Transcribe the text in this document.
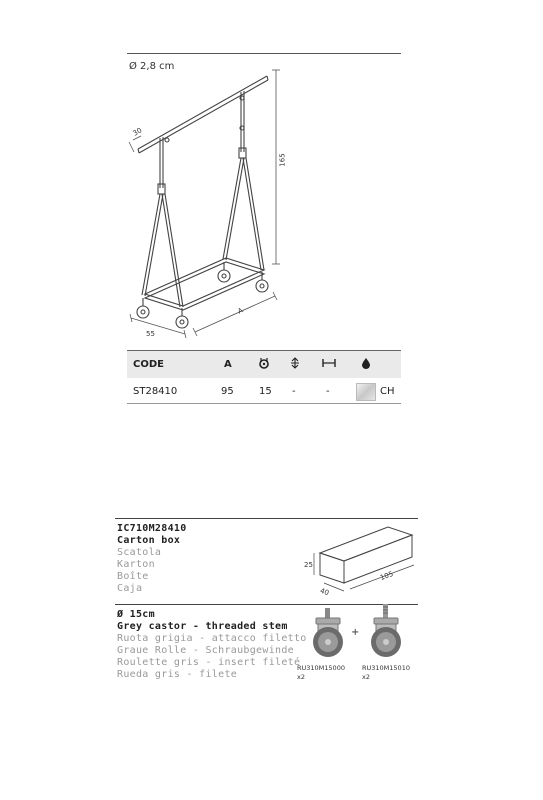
Ø 2,8 cm
30
165
55
A
CODE	A
ST28410	95	15 -	-	CH
IC710M28410
Carton box
Scatola
Karton
Boîte
Caja
25
40
105
Ø 15cm
Grey castor - threaded stem
Ruota grigia - attacco filetto
Graue Rolle - Schraubgewinde
Roulette gris - insert fileté
Rueda gris - filete
+
RU310M15000
x2
RU310M15010
x2
